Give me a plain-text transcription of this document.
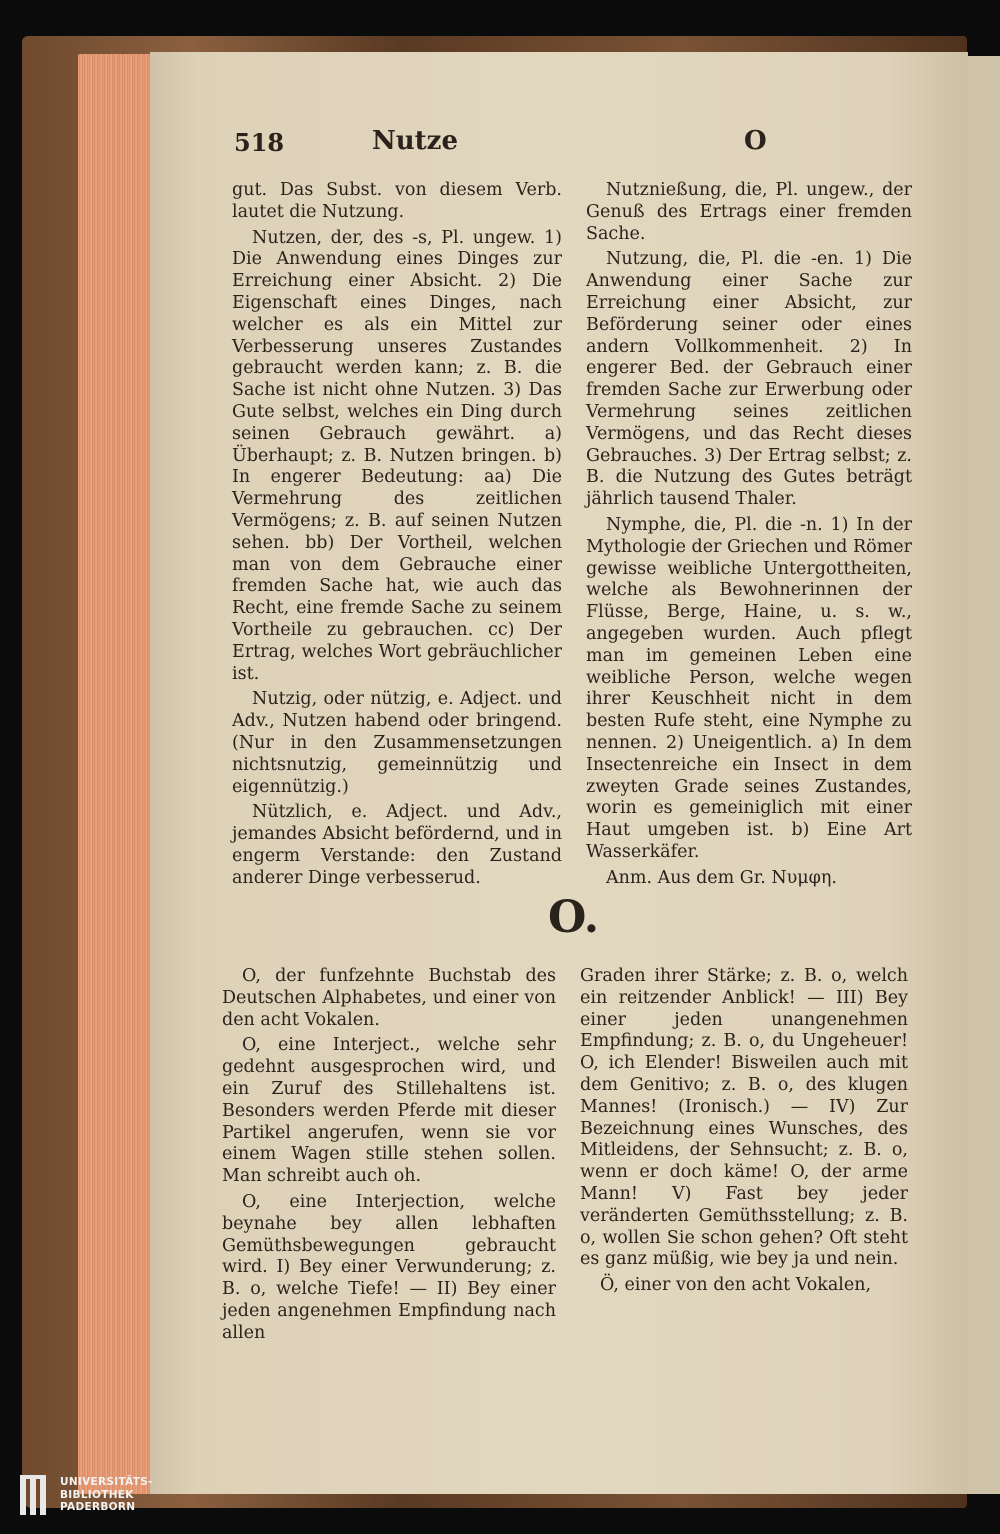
518	Nutze	O

gut. Das Subst. von diesem Verb. lautet die Nutzung.

Nutzen, der, des -s, Pl. ungew. 1) Die Anwendung eines Dinges zur Erreichung einer Absicht. 2) Die Eigenschaft eines Dinges, nach welcher es als ein Mittel zur Verbesserung unseres Zustandes gebraucht werden kann; z. B. die Sache ist nicht ohne Nutzen. 3) Das Gute selbst, welches ein Ding durch seinen Gebrauch gewährt. a) Überhaupt; z. B. Nutzen bringen. b) In engerer Bedeutung: aa) Die Vermehrung des zeitlichen Vermögens; z. B. auf seinen Nutzen sehen. bb) Der Vortheil, welchen man von dem Gebrauche einer fremden Sache hat, wie auch das Recht, eine fremde Sache zu seinem Vortheile zu gebrauchen. cc) Der Ertrag, welches Wort gebräuchlicher ist.

Nutzig, oder nützig, e. Adject. und Adv., Nutzen habend oder bringend. (Nur in den Zusammensetzungen nichtsnutzig, gemeinnützig und eigennützig.)

Nützlich, e. Adject. und Adv., jemandes Absicht befördernd, und in engerm Verstande: den Zustand anderer Dinge verbesserud.

Nutznießung, die, Pl. ungew., der Genuß des Ertrags einer fremden Sache.

Nutzung, die, Pl. die -en. 1) Die Anwendung einer Sache zur Erreichung einer Absicht, zur Beförderung seiner oder eines andern Vollkommenheit. 2) In engerer Bed. der Gebrauch einer fremden Sache zur Erwerbung oder Vermehrung seines zeitlichen Vermögens, und das Recht dieses Gebrauches. 3) Der Ertrag selbst; z. B. die Nutzung des Gutes beträgt jährlich tausend Thaler.

Nymphe, die, Pl. die -n. 1) In der Mythologie der Griechen und Römer gewisse weibliche Untergottheiten, welche als Bewohnerinnen der Flüsse, Berge, Haine, u. s. w., angegeben wurden. Auch pflegt man im gemeinen Leben eine weibliche Person, welche wegen ihrer Keuschheit nicht in dem besten Rufe steht, eine Nymphe zu nennen. 2) Uneigentlich. a) In dem Insectenreiche ein Insect in dem zweyten Grade seines Zustandes, worin es gemeiniglich mit einer Haut umgeben ist. b) Eine Art Wasserkäfer.

Anm. Aus dem Gr. Νυμφη.

O.

O, der funfzehnte Buchstab des Deutschen Alphabetes, und einer von den acht Vokalen.

O, eine Interject., welche sehr gedehnt ausgesprochen wird, und ein Zuruf des Stillehaltens ist. Besonders werden Pferde mit dieser Partikel angerufen, wenn sie vor einem Wagen stille stehen sollen. Man schreibt auch oh.

O, eine Interjection, welche beynahe bey allen lebhaften Gemüthsbewegungen gebraucht wird. I) Bey einer Verwunderung; z. B. o, welche Tiefe! — II) Bey einer jeden angenehmen Empfindung nach allen

Graden ihrer Stärke; z. B. o, welch ein reitzender Anblick! — III) Bey einer jeden unangenehmen Empfindung; z. B. o, du Ungeheuer! O, ich Elender! Bisweilen auch mit dem Genitivo; z. B. o, des klugen Mannes! (Ironisch.) — IV) Zur Bezeichnung eines Wunsches, des Mitleidens, der Sehnsucht; z. B. o, wenn er doch käme! O, der arme Mann! V) Fast bey jeder veränderten Gemüthsstellung; z. B. o, wollen Sie schon gehen? Oft steht es ganz müßig, wie bey ja und nein.

Ö, einer von den acht Vokalen,

UNIVERSITÄTS-
BIBLIOTHEK
PADERBORN
